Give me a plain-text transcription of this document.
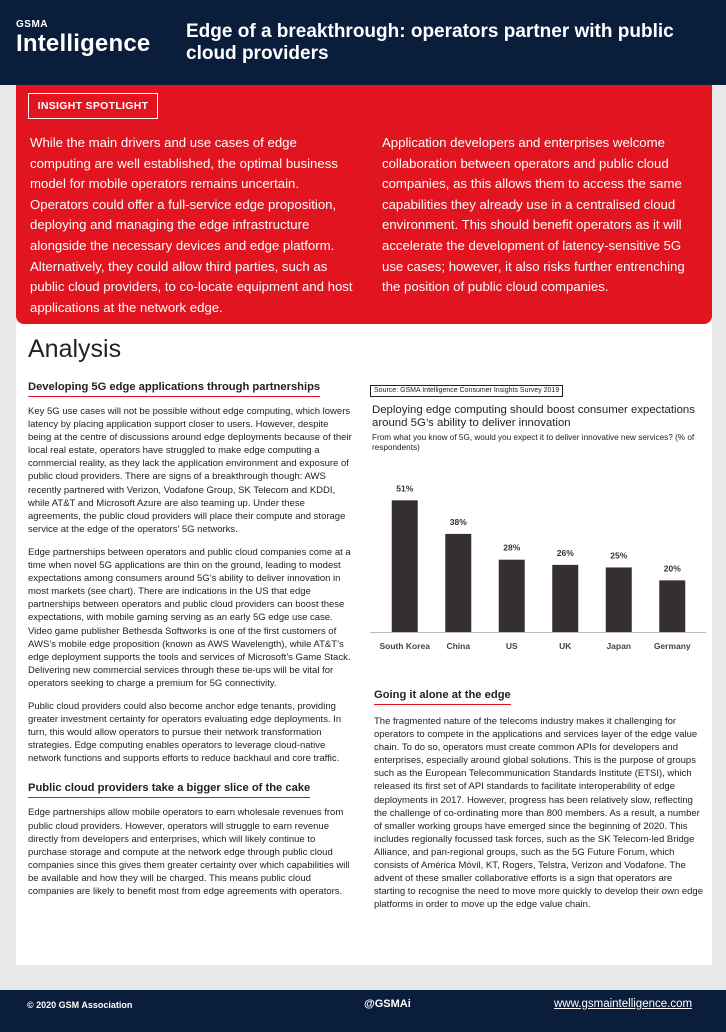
GSMA
Intelligence Edge of a breakthrough: operators partner with public cloud providers
INSIGHT SPOTLIGHT
While the main drivers and use cases of edge computing are well established, the optimal business model for mobile operators remains uncertain. Operators could offer a full-service edge proposition, deploying and managing the edge infrastructure alongside the necessary devices and edge platform. Alternatively, they could allow third parties, such as public cloud providers, to co-locate equipment and host applications at the network edge.
Application developers and enterprises welcome collaboration between operators and public cloud companies, as this allows them to access the same capabilities they already use in a centralised cloud environment. This should benefit operators as it will accelerate the development of latency-sensitive 5G use cases; however, it also risks further entrenching the position of public cloud companies.
Analysis
Developing 5G edge applications through partnerships

Key 5G use cases will not be possible without edge computing, which lowers latency by placing application support closer to users. However, despite being at the centre of discussions around edge deployments because of their local real estate, operators have struggled to make edge computing a commercial reality, as they lack the application environment and exposure of public cloud providers. There are signs of a breakthrough though: AWS recently partnered with Verizon, Vodafone Group, SK Telecom and KDDI, while AT&T and Microsoft Azure are also teaming up. Under these agreements, the public cloud providers will place their compute and storage service at the edge of the operators’ 5G networks.

Edge partnerships between operators and public cloud companies come at a time when novel 5G applications are thin on the ground, leading to modest expectations among consumers around 5G’s ability to deliver innovation in most markets (see chart). There are indications in the US that edge partnerships between operators and public cloud providers can boost these expectations, with mobile gaming serving as an early 5G edge use case. Video game publisher Bethesda Softworks is one of the first customers of AWS’s mobile edge proposition (known as AWS Wavelength), while AT&T’s edge deployment supports the tools and services of Microsoft’s Game Stack. Delivering new commercial services through these tie-ups will be vital for operators seeking to charge a premium for 5G connectivity.

Public cloud providers could also become anchor edge tenants, providing greater investment certainty for operators evaluating edge deployments. In turn, this would allow operators to pursue their network transformation strategies. Edge computing enables operators to leverage cloud-native network functions and supports efforts to reduce backhaul and core traffic.

Public cloud providers take a bigger slice of the cake

Edge partnerships allow mobile operators to earn wholesale revenues from public cloud providers. However, operators will struggle to earn revenue directly from developers and enterprises, which will likely continue to purchase storage and compute at the network edge through public cloud companies since this gives them greater certainty over which capabilities will be available and how they will be charged. This means public cloud companies are likely to benefit most from edge agreements with operators.

Source: GSMA Intelligence Consumer Insights Survey 2019
Deploying edge computing should boost consumer expectations around 5G’s ability to deliver innovation
From what you know of 5G, would you expect it to deliver innovative new services? (% of respondents)
51%
South Korea
38%
China
28%
US
26%
UK
25%
Japan
20%
Germany
Going it alone at the edge

The fragmented nature of the telecoms industry makes it challenging for operators to compete in the applications and services layer of the edge value chain. To do so, operators must create common APIs for developers and enterprises, especially around global solutions. This is the purpose of groups such as the European Telecommunication Standards Institute (ETSI), which released its first set of API standards to facilitate interoperability of edge deployments in 2017. However, progress has been relatively slow, reflecting the challenge of co-ordinating more than 800 members. As a result, a number of smaller working groups have emerged since the beginning of 2020. This includes regionally focussed task forces, such as the SK Telecom-led Bridge Alliance, and pan-regional groups, such as the 5G Future Forum, which consists of América Móvil, KT, Rogers, Telstra, Verizon and Vodafone. The advent of these smaller collaborative efforts is a sign that operators are starting to recognise the need to move more quickly to develop their own edge platforms in order to move up the edge value chain.

© 2020 GSM Association	@GSMAi	www.gsmaintelligence.com
